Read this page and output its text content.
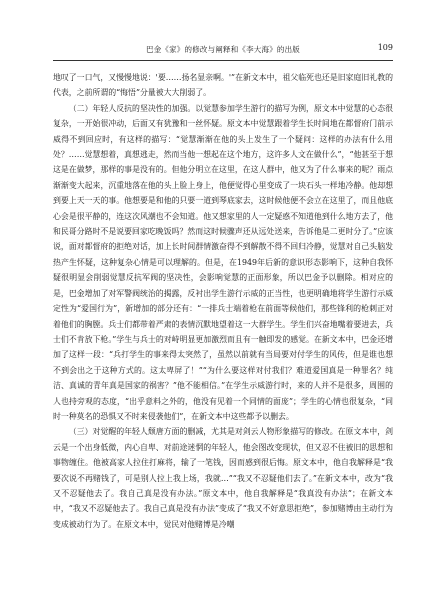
巴金《家》的修改与阐释和《李大海》的出版	109

地叹了一口气，又慢慢地说：'要……扬名显亲啊。'”在新文本中，祖父临死也还是旧家庭旧礼教的代表，之前所谓的“悔悟”分量被大大削弱了。

（二）年轻人反抗的坚决性的加强。以觉慧参加学生游行的描写为例，原文本中觉慧的心态很复杂，一开始很冲动，后面又有犹豫和一丝怀疑。原文本中觉慧跟着学生长时间地在都督府门前示威得不到回应时，有这样的描写：“觉慧渐渐在他的头上发生了一个疑问：这样的办法有什么用处？……觉慧想着，真想逃走，然而当他一想起在这个地方，这许多人文在做什么”，“他甚至于想这是在做梦，那样的事是没有的。但他分明立在这里，在这人群中，他又为了什么事来的呢？雨点渐渐变大起来，沉重地落在他的头上脸上身上，他便觉得心里变成了一块石头一样地冷静。他却想到要上天一天的事。他想要是和他的只要一道到琴底家去，这时候他便不会立在这里了，而且他底心会是很平静的，连这次风潮也不会知道。他又想家里的人一定疑惑不知道他到什么地方去了，他和民哥分路时不是说要回家吃晚饭吗？然而这时候骤声还从远处送来，告诉他是二更时分了。”应该说，面对都督府的拒绝对话，加上长时间群情激奋得不到解散不得不回归冷静，觉慧对自己头脑发热产生怀疑，这种复杂心情是可以理解的。但是，在1949年后新的意识形态影响下，这种自我怀疑很明显会削弱觉慧反抗军阀的坚决性，会影响觉慧的正面形象，所以巴金予以删除。相对应的是，巴金增加了对军警阀统治的揭露，反衬出学生游行示威的正当性，也更明确地将学生游行示威定性为“爱国行为”，新增加的部分还有：“一排兵士端着枪在前面等候他们，那些锋利的枪刺正对着他们的胸膛。兵士们都带着严肃的表情沉默地望着这一大群学生。学生们兴奋地嘴着要进去，兵士们不肯放下枪。”学生与兵士的对峙明显更加激烈而且有一触即发的感觉。在新文本中，巴金还增加了这样一段：“兵打学生的事来得太突然了，虽然以前就有当局要对付学生的风传，但是谁也想不到会出之于这种方式的。这太卑屏了！”“为什么要这样对付我们？难道爱国真是一种罪名？纯洁、真诚的青年真是国家的祸害？”他不能相信。”在学生示威游行时，来的人并不是很多，周围的人也持旁观的态度，“出乎意料之外的，他没有见着一个同情的面庞”；学生的心情也很复杂，“同时一种莫名的恐惧又不时来侵袭他们”，在新文本中这些都予以删去。

（三）对觉醒的年轻人颓唐方面的删减，尤其是对剑云人物形象描写的修改。在原文本中，剑云是一个出身低微，内心自卑、对前途迷惘的年轻人，他会图改变现状，但又忍不住被旧的思想和事物缠住。他被高家人拉住打麻将，输了一笔钱，因而感到很后悔。原文本中，他自我解释是“我要次说不再赌钱了，可是别人拉上我上场，我就…”“我又不忍疑他们去了。”在新文本中，改为“我又不忍疑他去了。我自己真是没有办法。”原文本中，他自我解释是“我真没有办法”；在新文本中，“我又不忍疑他去了。我自己真是没有办法”变成了“我又不好意思拒绝”，参加赌博由主动行为变成被动行为了。在原文本中，觉民对他赌博是冷嘲
